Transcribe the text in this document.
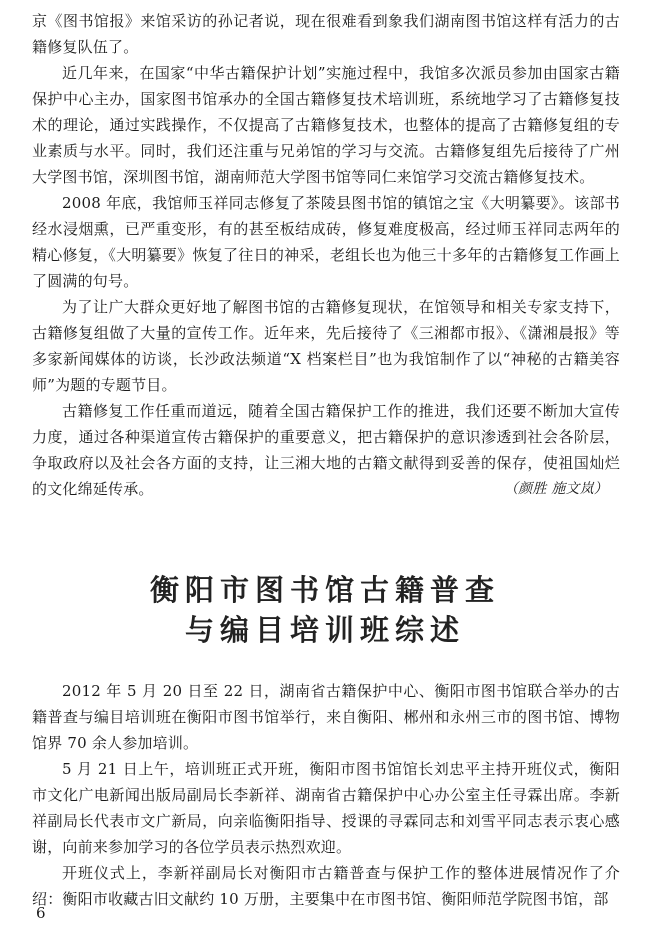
京《图书馆报》来馆采访的孙记者说，现在很难看到象我们湖南图书馆这样有活力的古籍修复队伍了。

近几年来，在国家“中华古籍保护计划”实施过程中，我馆多次派员参加由国家古籍保护中心主办，国家图书馆承办的全国古籍修复技术培训班，系统地学习了古籍修复技术的理论，通过实践操作，不仅提高了古籍修复技术，也整体的提高了古籍修复组的专业素质与水平。同时，我们还注重与兄弟馆的学习与交流。古籍修复组先后接待了广州大学图书馆，深圳图书馆，湖南师范大学图书馆等同仁来馆学习交流古籍修复技术。

2008 年底，我馆师玉祥同志修复了茶陵县图书馆的镇馆之宝《大明纂要》。该部书经水浸烟熏，已严重变形，有的甚至板结成砖，修复难度极高，经过师玉祥同志两年的精心修复，《大明纂要》恢复了往日的神采，老组长也为他三十多年的古籍修复工作画上了圆满的句号。

为了让广大群众更好地了解图书馆的古籍修复现状，在馆领导和相关专家支持下，古籍修复组做了大量的宣传工作。近年来，先后接待了《三湘都市报》、《潇湘晨报》等多家新闻媒体的访谈，长沙政法频道“X 档案栏目”也为我馆制作了以“神秘的古籍美容师”为题的专题节目。

古籍修复工作任重而道远，随着全国古籍保护工作的推进，我们还要不断加大宣传力度，通过各种渠道宣传古籍保护的重要意义，把古籍保护的意识渗透到社会各阶层，争取政府以及社会各方面的支持，让三湘大地的古籍文献得到妥善的保存，使祖国灿烂的文化绵延传承。	（颜胜 施文岚）

衡阳市图书馆古籍普查
与编目培训班综述

2012 年 5 月 20 日至 22 日，湖南省古籍保护中心、衡阳市图书馆联合举办的古籍普查与编目培训班在衡阳市图书馆举行，来自衡阳、郴州和永州三市的图书馆、博物馆界 70 余人参加培训。

5 月 21 日上午，培训班正式开班，衡阳市图书馆馆长刘忠平主持开班仪式，衡阳市文化广电新闻出版局副局长李新祥、湖南省古籍保护中心办公室主任寻霖出席。李新祥副局长代表市文广新局，向亲临衡阳指导、授课的寻霖同志和刘雪平同志表示衷心感谢，向前来参加学习的各位学员表示热烈欢迎。

开班仪式上，李新祥副局长对衡阳市古籍普查与保护工作的整体进展情况作了介绍：衡阳市收藏古旧文献约 10 万册，主要集中在市图书馆、衡阳师范学院图书馆，部

6
